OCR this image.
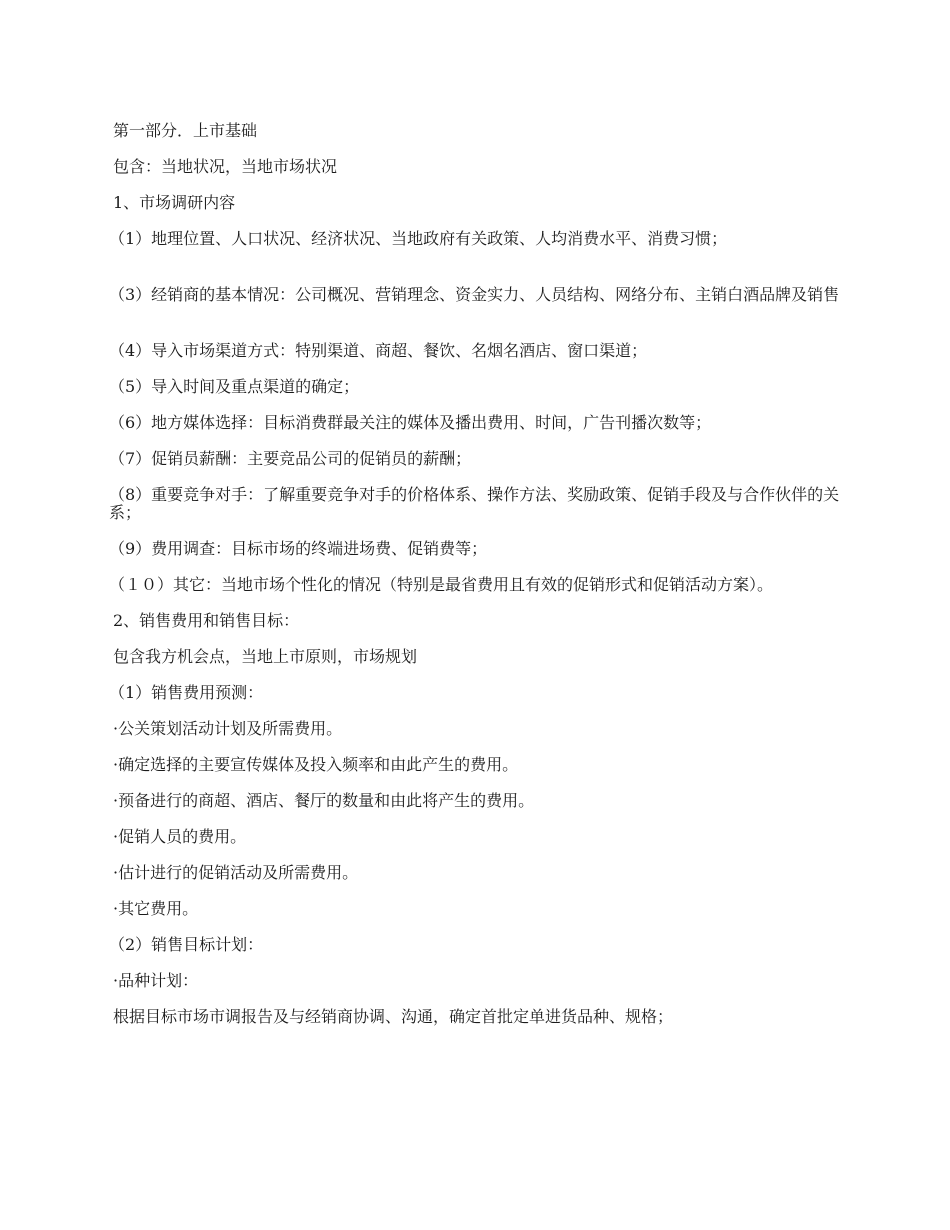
第一部分．上市基础

包含：当地状况，当地市场状况

1、市场调研内容

（1）地理位置、人口状况、经济状况、当地政府有关政策、人均消费水平、消费习惯；

（3）经销商的基本情况：公司概况、营销理念、资金实力、人员结构、网络分布、主销白酒品牌及销售

（4）导入市场渠道方式：特别渠道、商超、餐饮、名烟名酒店、窗口渠道；

（5）导入时间及重点渠道的确定；

（6）地方媒体选择：目标消费群最关注的媒体及播出费用、时间，广告刊播次数等；

（7）促销员薪酬：主要竞品公司的促销员的薪酬；

（8）重要竞争对手：了解重要竞争对手的价格体系、操作方法、奖励政策、促销手段及与合作伙伴的关系；

（9）费用调查：目标市场的终端进场费、促销费等；

（１０）其它：当地市场个性化的情况（特别是最省费用且有效的促销形式和促销活动方案）。

2、销售费用和销售目标：

包含我方机会点，当地上市原则，市场规划

（1）销售费用预测：

·公关策划活动计划及所需费用。

·确定选择的主要宣传媒体及投入频率和由此产生的费用。

·预备进行的商超、酒店、餐厅的数量和由此将产生的费用。

·促销人员的费用。

·估计进行的促销活动及所需费用。

·其它费用。

（2）销售目标计划：

·品种计划：

根据目标市场市调报告及与经销商协调、沟通，确定首批定单进货品种、规格；
